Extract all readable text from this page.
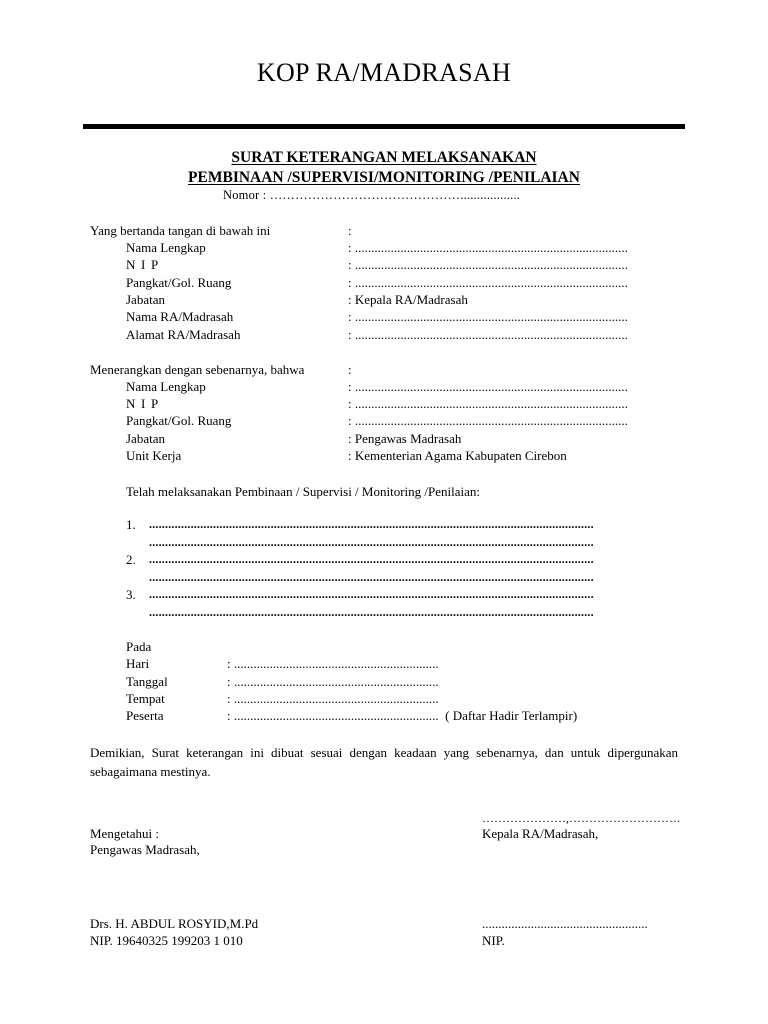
KOP RA/MADRASAH
SURAT KETERANGAN MELAKSANAKAN
PEMBINAAN /SUPERVISI/MONITORING /PENILAIAN
Nomor : ………………………………………..................
Yang bertanda tangan di bawah ini	:
Nama Lengkap	: ....................................................................................
N I P	: ....................................................................................
Pangkat/Gol. Ruang	: ....................................................................................
Jabatan	: Kepala RA/Madrasah
Nama RA/Madrasah	: ....................................................................................
Alamat RA/Madrasah	: ....................................................................................
Menerangkan dengan sebenarnya, bahwa	:
Nama Lengkap	: ....................................................................................
N I P	: ....................................................................................
Pangkat/Gol. Ruang	: ....................................................................................
Jabatan	: Pengawas Madrasah
Unit Kerja	: Kementerian Agama Kabupaten Cirebon
Telah melaksanakan Pembinaan / Supervisi / Monitoring /Penilaian:
1. ...........................................................................................................................................
...........................................................................................................................................
2. ...........................................................................................................................................
...........................................................................................................................................
3. ...........................................................................................................................................
...........................................................................................................................................
Pada
Hari	: ...............................................................
Tanggal	: ...............................................................
Tempat	: ...............................................................
Peserta	: ...............................................................  ( Daftar Hadir Terlampir)
Demikian, Surat keterangan ini dibuat sesuai dengan keadaan yang sebenarnya, dan untuk dipergunakan sebagaimana mestinya.
…………………,……………………….
Mengetahui :	Kepala RA/Madrasah,
Pengawas Madrasah,
Drs. H. ABDUL ROSYID,M.Pd	...................................................
NIP. 19640325 199203 1 010	NIP.
